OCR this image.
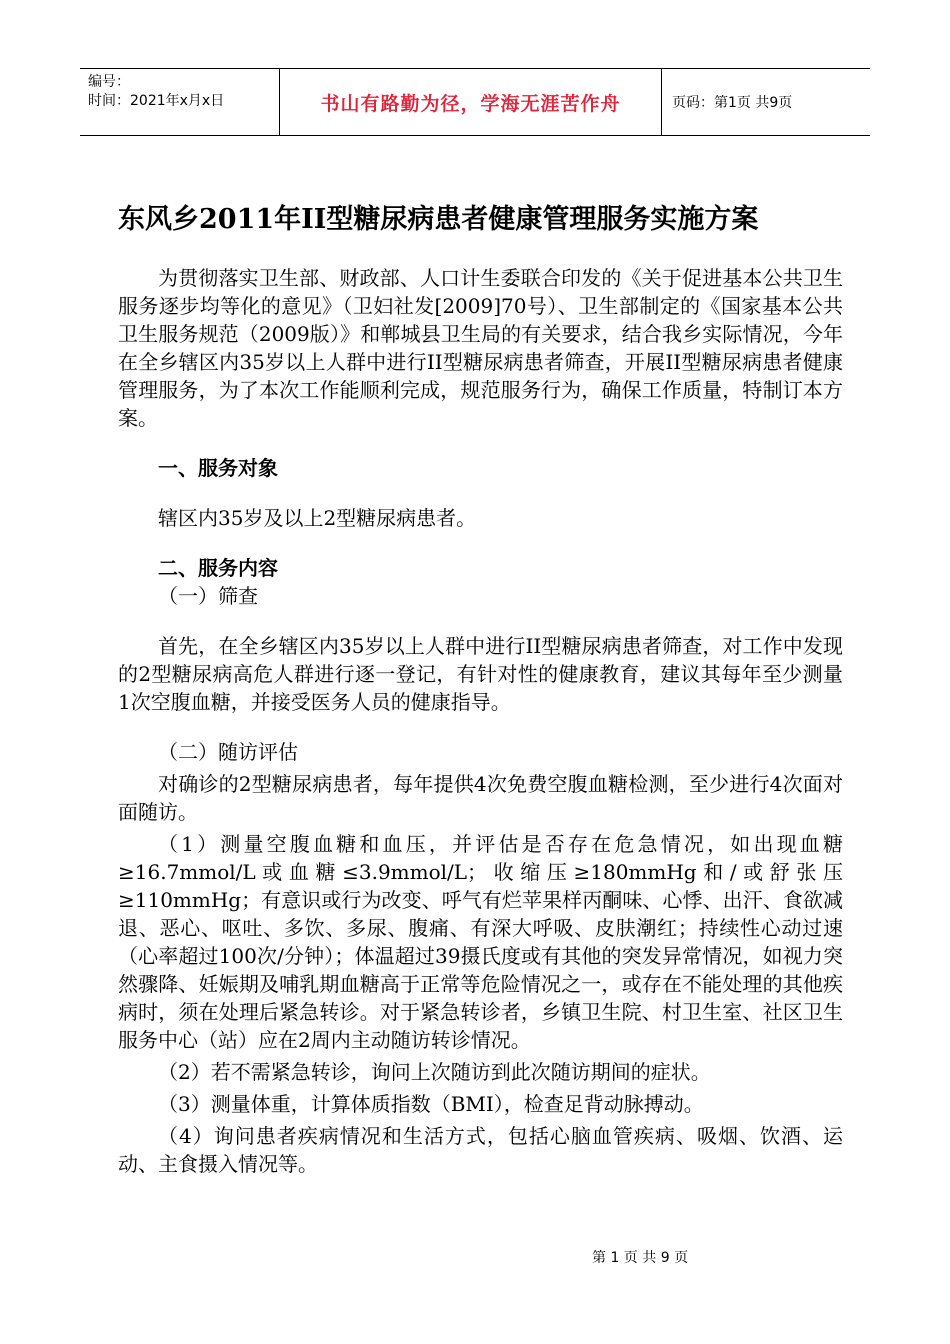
编号：
时间：2021年x月x日	书山有路勤为径，学海无涯苦作舟	页码：第1页 共9页
东风乡2011年II型糖尿病患者健康管理服务实施方案

为贯彻落实卫生部、财政部、人口计生委联合印发的《关于促进基本公共卫生服务逐步均等化的意见》（卫妇社发[2009]70号）、卫生部制定的《国家基本公共卫生服务规范（2009版）》和郸城县卫生局的有关要求，结合我乡实际情况，今年在全乡辖区内35岁以上人群中进行II型糖尿病患者筛查，开展II型糖尿病患者健康管理服务，为了本次工作能顺利完成，规范服务行为，确保工作质量，特制订本方案。

一、服务对象

辖区内35岁及以上2型糖尿病患者。

二、服务内容

（一）筛查

首先，在全乡辖区内35岁以上人群中进行II型糖尿病患者筛查，对工作中发现的2型糖尿病高危人群进行逐一登记，有针对性的健康教育，建议其每年至少测量1次空腹血糖，并接受医务人员的健康指导。

（二）随访评估

对确诊的2型糖尿病患者，每年提供4次免费空腹血糖检测，至少进行4次面对面随访。

（1）测量空腹血糖和血压，并评估是否存在危急情况，如出现血糖≥16.7mmol/L或血糖≤3.9mmol/L；收缩压≥180mmHg和/或舒张压≥110mmHg；有意识或行为改变、呼气有烂苹果样丙酮味、心悸、出汗、食欲减退、恶心、呕吐、多饮、多尿、腹痛、有深大呼吸、皮肤潮红；持续性心动过速（心率超过100次/分钟）；体温超过39摄氏度或有其他的突发异常情况，如视力突然骤降、妊娠期及哺乳期血糖高于正常等危险情况之一，或存在不能处理的其他疾病时，须在处理后紧急转诊。对于紧急转诊者，乡镇卫生院、村卫生室、社区卫生服务中心（站）应在2周内主动随访转诊情况。

（2）若不需紧急转诊，询问上次随访到此次随访期间的症状。

（3）测量体重，计算体质指数（BMI），检查足背动脉搏动。

（4）询问患者疾病情况和生活方式，包括心脑血管疾病、吸烟、饮酒、运动、主食摄入情况等。

第 1 页 共 9 页
